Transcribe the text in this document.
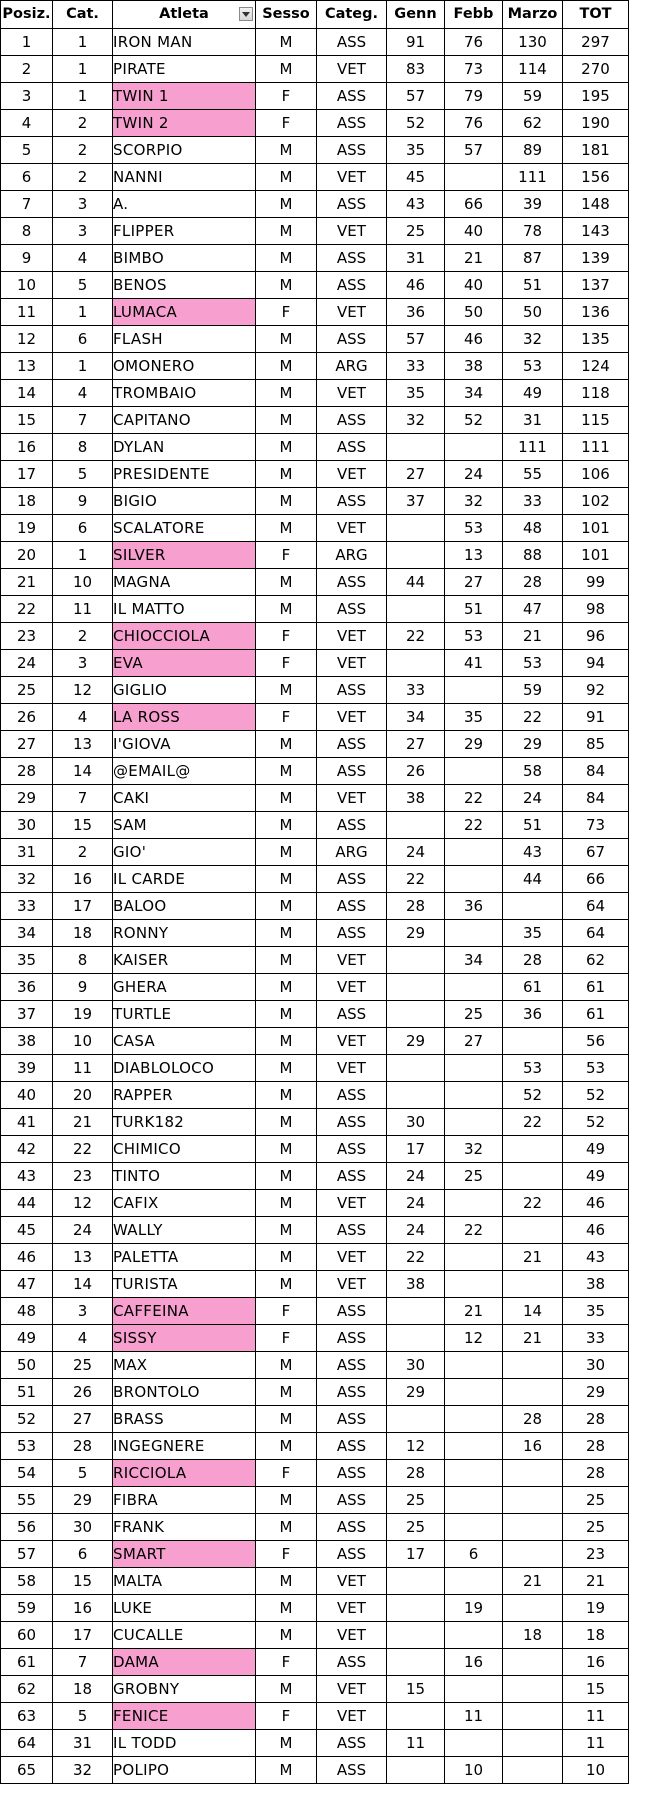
Posiz.	Cat.	Atleta	Sesso	Categ.	Genn	Febb	Marzo	TOT
1	1	IRON MAN	M	ASS	91	76	130	297
2	1	PIRATE	M	VET	83	73	114	270
3	1	TWIN 1	F	ASS	57	79	59	195
4	2	TWIN 2	F	ASS	52	76	62	190
5	2	SCORPIO	M	ASS	35	57	89	181
6	2	NANNI	M	VET	45		111	156
7	3	A.	M	ASS	43	66	39	148
8	3	FLIPPER	M	VET	25	40	78	143
9	4	BIMBO	M	ASS	31	21	87	139
10	5	BENOS	M	ASS	46	40	51	137
11	1	LUMACA	F	VET	36	50	50	136
12	6	FLASH	M	ASS	57	46	32	135
13	1	OMONERO	M	ARG	33	38	53	124
14	4	TROMBAIO	M	VET	35	34	49	118
15	7	CAPITANO	M	ASS	32	52	31	115
16	8	DYLAN	M	ASS			111	111
17	5	PRESIDENTE	M	VET	27	24	55	106
18	9	BIGIO	M	ASS	37	32	33	102
19	6	SCALATORE	M	VET		53	48	101
20	1	SILVER	F	ARG		13	88	101
21	10	MAGNA	M	ASS	44	27	28	99
22	11	IL MATTO	M	ASS		51	47	98
23	2	CHIOCCIOLA	F	VET	22	53	21	96
24	3	EVA	F	VET		41	53	94
25	12	GIGLIO	M	ASS	33		59	92
26	4	LA ROSS	F	VET	34	35	22	91
27	13	I'GIOVA	M	ASS	27	29	29	85
28	14	@EMAIL@	M	ASS	26		58	84
29	7	CAKI	M	VET	38	22	24	84
30	15	SAM	M	ASS		22	51	73
31	2	GIO'	M	ARG	24		43	67
32	16	IL CARDE	M	ASS	22		44	66
33	17	BALOO	M	ASS	28	36		64
34	18	RONNY	M	ASS	29		35	64
35	8	KAISER	M	VET		34	28	62
36	9	GHERA	M	VET			61	61
37	19	TURTLE	M	ASS		25	36	61
38	10	CASA	M	VET	29	27		56
39	11	DIABLOLOCO	M	VET			53	53
40	20	RAPPER	M	ASS			52	52
41	21	TURK182	M	ASS	30		22	52
42	22	CHIMICO	M	ASS	17	32		49
43	23	TINTO	M	ASS	24	25		49
44	12	CAFIX	M	VET	24		22	46
45	24	WALLY	M	ASS	24	22		46
46	13	PALETTA	M	VET	22		21	43
47	14	TURISTA	M	VET	38			38
48	3	CAFFEINA	F	ASS		21	14	35
49	4	SISSY	F	ASS		12	21	33
50	25	MAX	M	ASS	30			30
51	26	BRONTOLO	M	ASS	29			29
52	27	BRASS	M	ASS			28	28
53	28	INGEGNERE	M	ASS	12		16	28
54	5	RICCIOLA	F	ASS	28			28
55	29	FIBRA	M	ASS	25			25
56	30	FRANK	M	ASS	25			25
57	6	SMART	F	ASS	17	6		23
58	15	MALTA	M	VET			21	21
59	16	LUKE	M	VET		19		19
60	17	CUCALLE	M	VET			18	18
61	7	DAMA	F	ASS		16		16
62	18	GROBNY	M	VET	15			15
63	5	FENICE	F	VET		11		11
64	31	IL TODD	M	ASS	11			11
65	32	POLIPO	M	ASS		10		10
